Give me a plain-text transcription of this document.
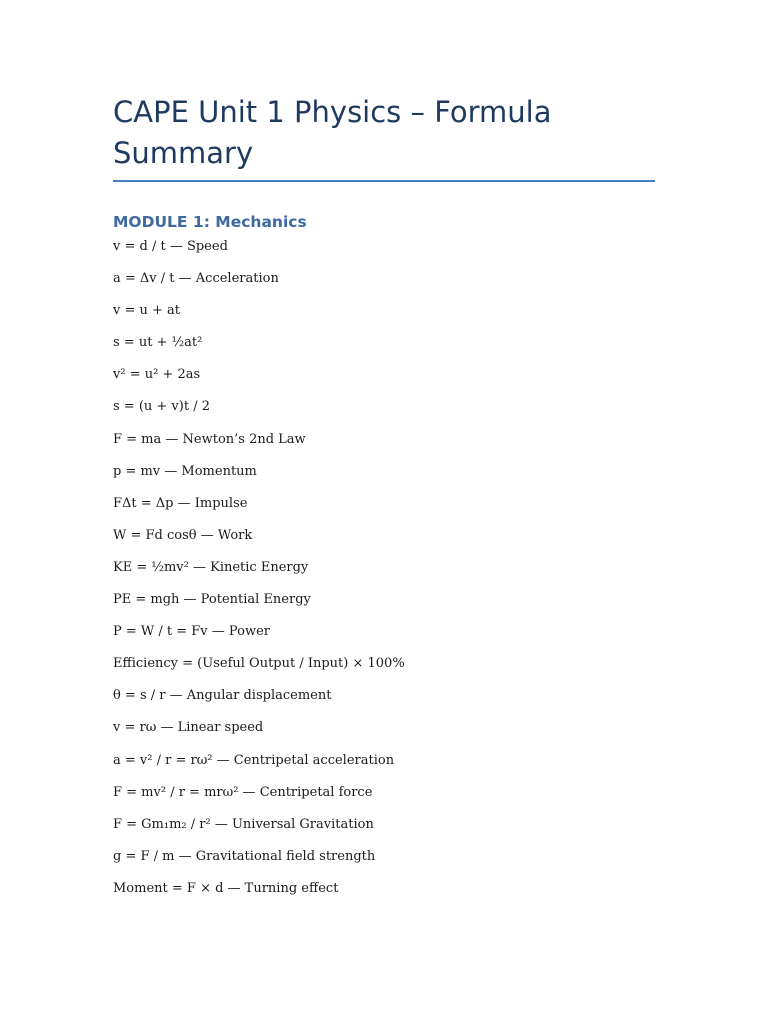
CAPE Unit 1 Physics – Formula Summary
MODULE 1: Mechanics
v = d / t — Speed
a = Δv / t — Acceleration
v = u + at
s = ut + ½at²
v² = u² + 2as
s = (u + v)t / 2
F = ma — Newton’s 2nd Law
p = mv — Momentum
FΔt = Δp — Impulse
W = Fd cosθ — Work
KE = ½mv² — Kinetic Energy
PE = mgh — Potential Energy
P = W / t = Fv — Power
Efficiency = (Useful Output / Input) × 100%
θ = s / r — Angular displacement
v = rω — Linear speed
a = v² / r = rω² — Centripetal acceleration
F = mv² / r = mrω² — Centripetal force
F = Gm₁m₂ / r² — Universal Gravitation
g = F / m — Gravitational field strength
Moment = F × d — Turning effect
